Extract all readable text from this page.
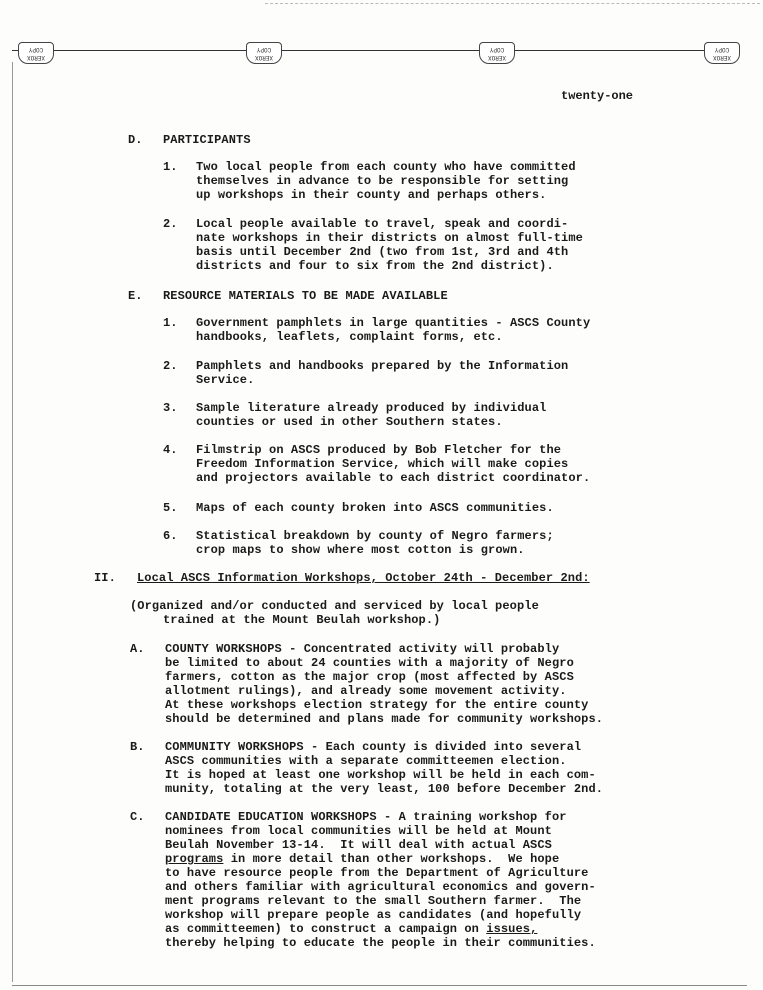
XEROX COPY
XEROX COPY
XEROX COPY
XEROX COPY
twenty-one
D. PARTICIPANTS
1. Two local people from each county who have committed
themselves in advance to be responsible for setting
up workshops in their county and perhaps others.
2. Local people available to travel, speak and coordi-
nate workshops in their districts on almost full-time
basis until December 2nd (two from 1st, 3rd and 4th
districts and four to six from the 2nd district).
E. RESOURCE MATERIALS TO BE MADE AVAILABLE
1. Government pamphlets in large quantities - ASCS County
handbooks, leaflets, complaint forms, etc.
2. Pamphlets and handbooks prepared by the Information
Service.
3. Sample literature already produced by individual
counties or used in other Southern states.
4. Filmstrip on ASCS produced by Bob Fletcher for the
Freedom Information Service, which will make copies
and projectors available to each district coordinator.
5. Maps of each county broken into ASCS communities.
6. Statistical breakdown by county of Negro farmers;
crop maps to show where most cotton is grown.
II. Local ASCS Information Workshops, October 24th - December 2nd:
(Organized and/or conducted and serviced by local people
trained at the Mount Beulah workshop.)
A. COUNTY WORKSHOPS - Concentrated activity will probably
be limited to about 24 counties with a majority of Negro
farmers, cotton as the major crop (most affected by ASCS
allotment rulings), and already some movement activity.
At these workshops election strategy for the entire county
should be determined and plans made for community workshops.
B. COMMUNITY WORKSHOPS - Each county is divided into several
ASCS communities with a separate committeemen election.
It is hoped at least one workshop will be held in each com-
munity, totaling at the very least, 100 before December 2nd.
C. CANDIDATE EDUCATION WORKSHOPS - A training workshop for
nominees from local communities will be held at Mount
Beulah November 13-14.  It will deal with actual ASCS
programs in more detail than other workshops.  We hope
to have resource people from the Department of Agriculture
and others familiar with agricultural economics and govern-
ment programs relevant to the small Southern farmer.  The
workshop will prepare people as candidates (and hopefully
as committeemen) to construct a campaign on issues,
thereby helping to educate the people in their communities.
